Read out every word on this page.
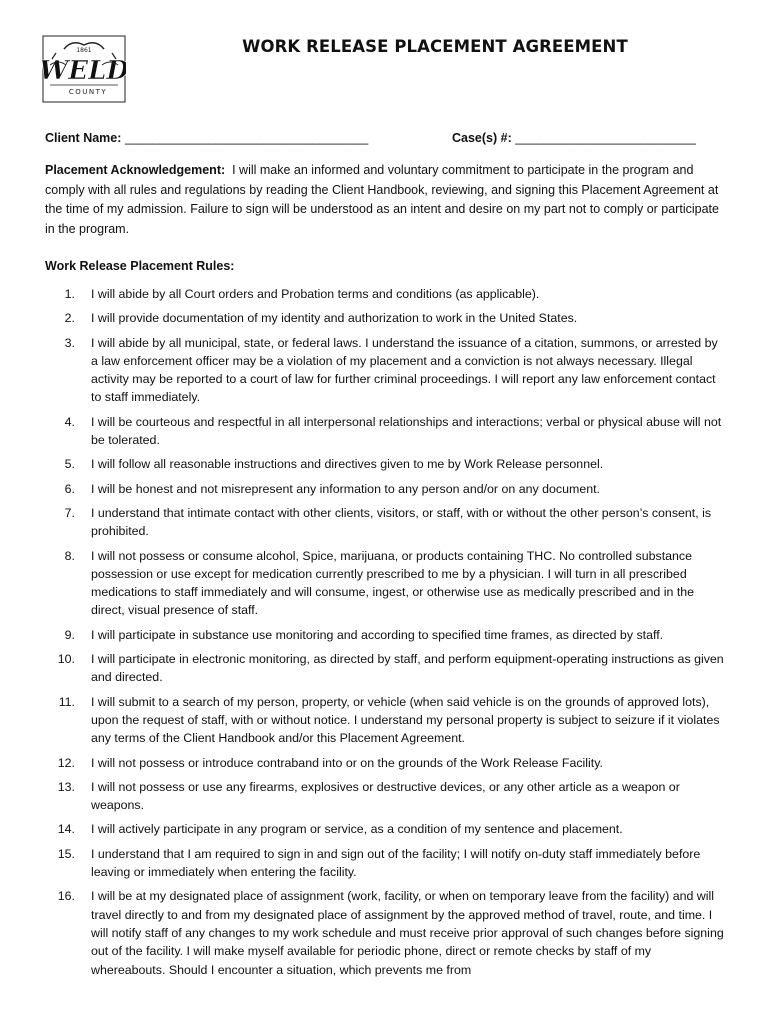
1861
WELD
COUNTY
WORK RELEASE PLACEMENT AGREEMENT
Client Name: ___________________________________	Case(s) #: __________________________
Placement Acknowledgement: I will make an informed and voluntary commitment to participate in the program and comply with all rules and regulations by reading the Client Handbook, reviewing, and signing this Placement Agreement at the time of my admission. Failure to sign will be understood as an intent and desire on my part not to comply or participate in the program.
Work Release Placement Rules:
1. I will abide by all Court orders and Probation terms and conditions (as applicable).
2. I will provide documentation of my identity and authorization to work in the United States.
3. I will abide by all municipal, state, or federal laws. I understand the issuance of a citation, summons, or arrested by a law enforcement officer may be a violation of my placement and a conviction is not always necessary. Illegal activity may be reported to a court of law for further criminal proceedings. I will report any law enforcement contact to staff immediately.
4. I will be courteous and respectful in all interpersonal relationships and interactions; verbal or physical abuse will not be tolerated.
5. I will follow all reasonable instructions and directives given to me by Work Release personnel.
6. I will be honest and not misrepresent any information to any person and/or on any document.
7. I understand that intimate contact with other clients, visitors, or staff, with or without the other person’s consent, is prohibited.
8. I will not possess or consume alcohol, Spice, marijuana, or products containing THC. No controlled substance possession or use except for medication currently prescribed to me by a physician. I will turn in all prescribed medications to staff immediately and will consume, ingest, or otherwise use as medically prescribed and in the direct, visual presence of staff.
9. I will participate in substance use monitoring and according to specified time frames, as directed by staff.
10. I will participate in electronic monitoring, as directed by staff, and perform equipment-operating instructions as given and directed.
11. I will submit to a search of my person, property, or vehicle (when said vehicle is on the grounds of approved lots), upon the request of staff, with or without notice. I understand my personal property is subject to seizure if it violates any terms of the Client Handbook and/or this Placement Agreement.
12. I will not possess or introduce contraband into or on the grounds of the Work Release Facility.
13. I will not possess or use any firearms, explosives or destructive devices, or any other article as a weapon or weapons.
14. I will actively participate in any program or service, as a condition of my sentence and placement.
15. I understand that I am required to sign in and sign out of the facility; I will notify on-duty staff immediately before leaving or immediately when entering the facility.
16. I will be at my designated place of assignment (work, facility, or when on temporary leave from the facility) and will travel directly to and from my designated place of assignment by the approved method of travel, route, and time. I will notify staff of any changes to my work schedule and must receive prior approval of such changes before signing out of the facility. I will make myself available for periodic phone, direct or remote checks by staff of my whereabouts. Should I encounter a situation, which prevents me from
